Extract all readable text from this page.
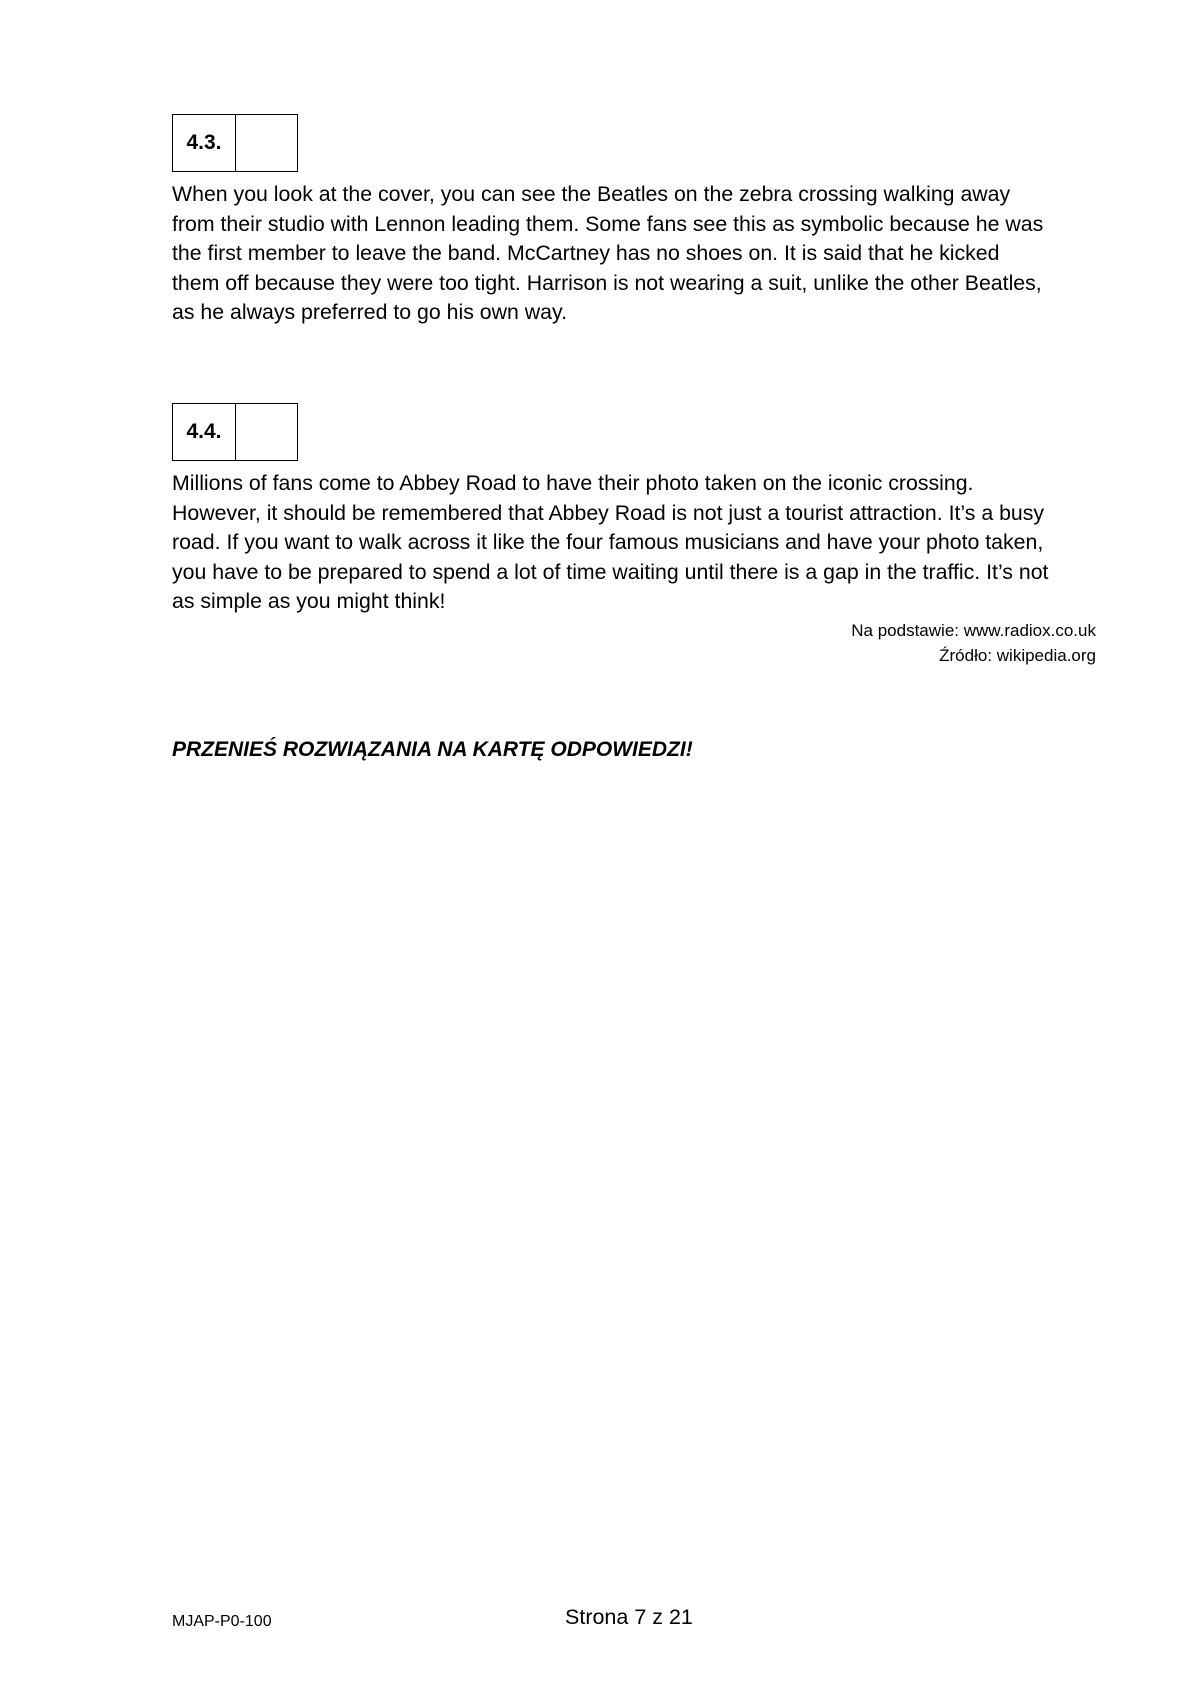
4.3.
When you look at the cover, you can see the Beatles on the zebra crossing walking away
from their studio with Lennon leading them. Some fans see this as symbolic because he was
the first member to leave the band. McCartney has no shoes on. It is said that he kicked
them off because they were too tight. Harrison is not wearing a suit, unlike the other Beatles,
as he always preferred to go his own way.
4.4.
Millions of fans come to Abbey Road to have their photo taken on the iconic crossing.
However, it should be remembered that Abbey Road is not just a tourist attraction. It’s a busy
road. If you want to walk across it like the four famous musicians and have your photo taken,
you have to be prepared to spend a lot of time waiting until there is a gap in the traffic. It’s not
as simple as you might think!
Na podstawie: www.radiox.co.uk
Źródło: wikipedia.org
PRZENIEŚ ROZWIĄZANIA NA KARTĘ ODPOWIEDZI!
MJAP-P0-100	Strona 7 z 21
